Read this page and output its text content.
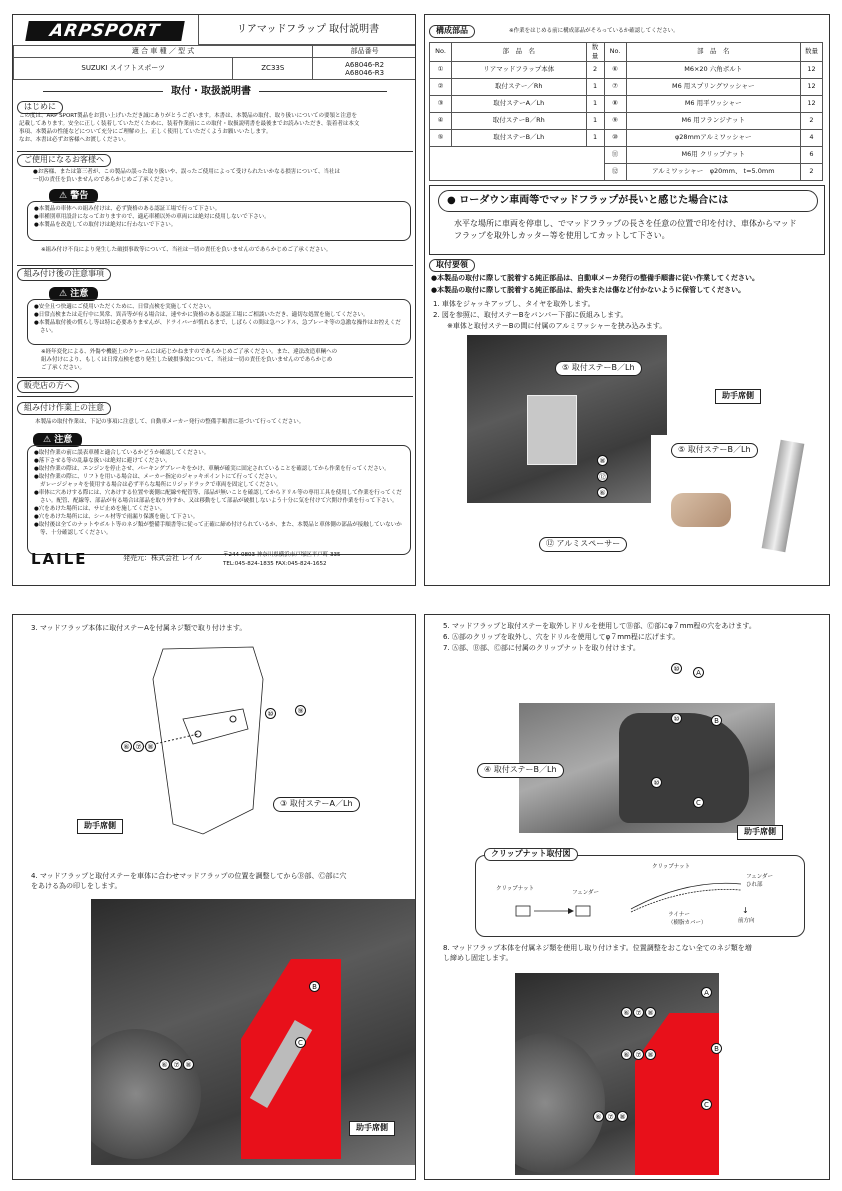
ARPSPORT	リアマッドフラップ 取付説明書
適 合 車 種 ／ 型 式		部品番号
SUZUKI スイフトスポーツ	ZC33S	A68046-R2
A68046-R3
取付・取扱説明書
はじめに
この度は、ARP SPORT製品をお買い上げいただき誠にありがとうございます。本書は、本製品の取付、取り扱いについての要領と注意を
記載してあります。安全に正しく装着していただくために、装着作業前にこの取付・取扱説明書を最後までお読みいただき、装着者は本文
事項、本製品の性能などについて充分にご理解の上、正しく使用していただくようお願いいたします。
なお、本書は必ずお客様へお渡しください。
ご使用になるお客様へ
●お客様、または第三者が、この製品の誤った取り扱いや、誤ったご使用によって受けられたいかなる損害について、当社は
一切の責任を負いませんのであらかじめご了承ください。
⚠ 警告
●本製品の車体への組み付けは、必ず資格のある認証工場で行って下さい。
●車種別車用設計になっておりますので、適応車種以外の車両には絶対に使用しないで下さい。
●本製品を改造しての取付けは絶対に行わないで下さい。
※組み付け不良により発生した破損事故等について、当社は一切の責任を負いませんのであらかじめご了承ください。
組み付け後の注意事項
⚠ 注意
●安全且つ快適にご使用いただくために、日常点検を実施してください。
●日常点検または走行中に異常、異音等が有る場合は、速やかに資格のある認証工場にご相談いただき、適切な処置を施してください。
●本製品取付後の慣らし等は特に必要ありませんが、ドライバーが慣れるまで、しばらくの間は急ハンドル、急ブレーキ等の急激な操作はお控えください。
※経年変化による、外傷や機能上のクレームには応じかねますのであらかじめご了承ください。また、違法改造車輌への
組み付けにより、もしくは日常点検を怠り発生した破損事故について、当社は一切の責任を負いませんのであらかじめ
ご了承ください。
販売店の方へ
組み付け作業上の注意
本製品の取付作業は、下記の事項に注意して、自動車メーカー発行の整備手順書に基づいて行ってください。
⚠ 注意
●取付作業の前に誤表車種と適合しているかどうか確認してください。
●落下させる等の乱暴な扱いは絶対に避けてください。
●取付作業の際は、エンジンを停止させ、パーキングブレーキをかけ、車輌が確実に固定されていることを確認してから作業を行ってください。
●取付作業の際に、リフトを用いる場合は、メーカー指定のジャッキポイントにて行ってください。
ガレージジャッキを使用する場合は必ず平らな場所にリジッドラックで車両を固定してください。
●車体に穴あけする際には、穴あけする位置や裏側に配線や配管等、部品が無いことを確認してからドリル等の専用工具を使用して作業を行ってください。配管、配線等、部品が有る場合は部品を取り外すか、又は移動をして部品が破損しないよう十分に気を付けて穴開け作業を行って下さい。
●穴をあけた場所には、サビ止めを施してください。
●穴をあけた場所には、シール材等で雨漏り保護を施して下さい。
●取付後は全てのナットやボルト等のネジ類が整備手順書等に従って正確に締め付けられているか、また、本製品と車体側の部品が接触していないか等、十分確認してください。
LAILE	発売元：株式会社 レイル	〒244-0803 神奈川県横浜市戸塚区平戸町 335
TEL:045-824-1835 FAX:045-824-1652
構成部品	※作業をはじめる前に構成部品がそろっているか確認してください。
No.	部　品　名	数量	No.	部　品　名	数量
①	リアマッドフラップ本体	2	⑥	M6×20 六角ボルト	12
②	取付ステー／Rh	1	⑦	M6 用スプリングワッシャー	12
③	取付ステーA／Lh	1	⑧	M6 用平ワッシャー	12
④	取付ステーB／Rh	1	⑨	M6 用フランジナット	2
⑤	取付ステーB／Lh	1	⑩	φ28mmアルミワッシャー	4
			⑪	M6用 クリップナット	6
			⑫	アルミワッシャー　φ20mm、 t=5.0mm	2
● ローダウン車両等でマッドフラップが長いと感じた場合には
水平な場所に車両を停車し、でマッドフラップの長さを任意の位置で印を付け、車体からマッド
フラップを取外しカッター等を使用してカットして下さい。
取付要領
●本製品の取付に際して脱着する純正部品は、自動車メーカ発行の整備手順書に従い作業してください。
●本製品の取付に際して脱着する純正部品は、紛失または傷など付かないように保管してください。
1. 車体をジャッキアップし、タイヤを取外します。
2. 図を参照に、取付ステーBをバンパー下部に仮組みします。
※車体と取付ステーBの間に付属のアルミワッシャーを挟み込みます。
⑤ 取付ステーB／Lh
⑧
⑫
⑥
助手席側
⑤ 取付ステーB／Lh
⑫ アルミスペーサー
3. マッドフラップ本体に取付ステーAを付属ネジ類で取り付けます。
⑩	⑨
⑥ ⑦ ⑧
③ 取付ステーA／Lh
助手席側
4. マッドフラップと取付ステーを車体に合わせマッドフラップの位置を調整してからⒷ部、Ⓒ部に穴
をあける為の印しをします。
B
C
⑥ ⑦ ⑧
助手席側
5. マッドフラップと取付ステーを取外しドリルを使用してⒷ部、Ⓒ部にφ７mm程の穴をあけます。
6. Ⓐ部のクリップを取外し、穴をドリルを使用してφ７mm程に広げます。
7. Ⓐ部、Ⓑ部、Ⓒ部に付属のクリップナットを取り付けます。
A
B
C
⑩
⑩
⑩
④ 取付ステーB／Lh
助手席側
クリップナット取付図
クリップナット
フェンダー
クリップナット
フェンダー
ひれ部
ライナー
（樹脂カバー）	前方向
↓
8. マッドフラップ本体を付属ネジ類を使用し取り付けます。位置調整をおこない全てのネジ類を増
し締めし固定します。
A
B
C
⑥ ⑦ ⑧
⑥ ⑦ ⑧
⑥ ⑦ ⑧
